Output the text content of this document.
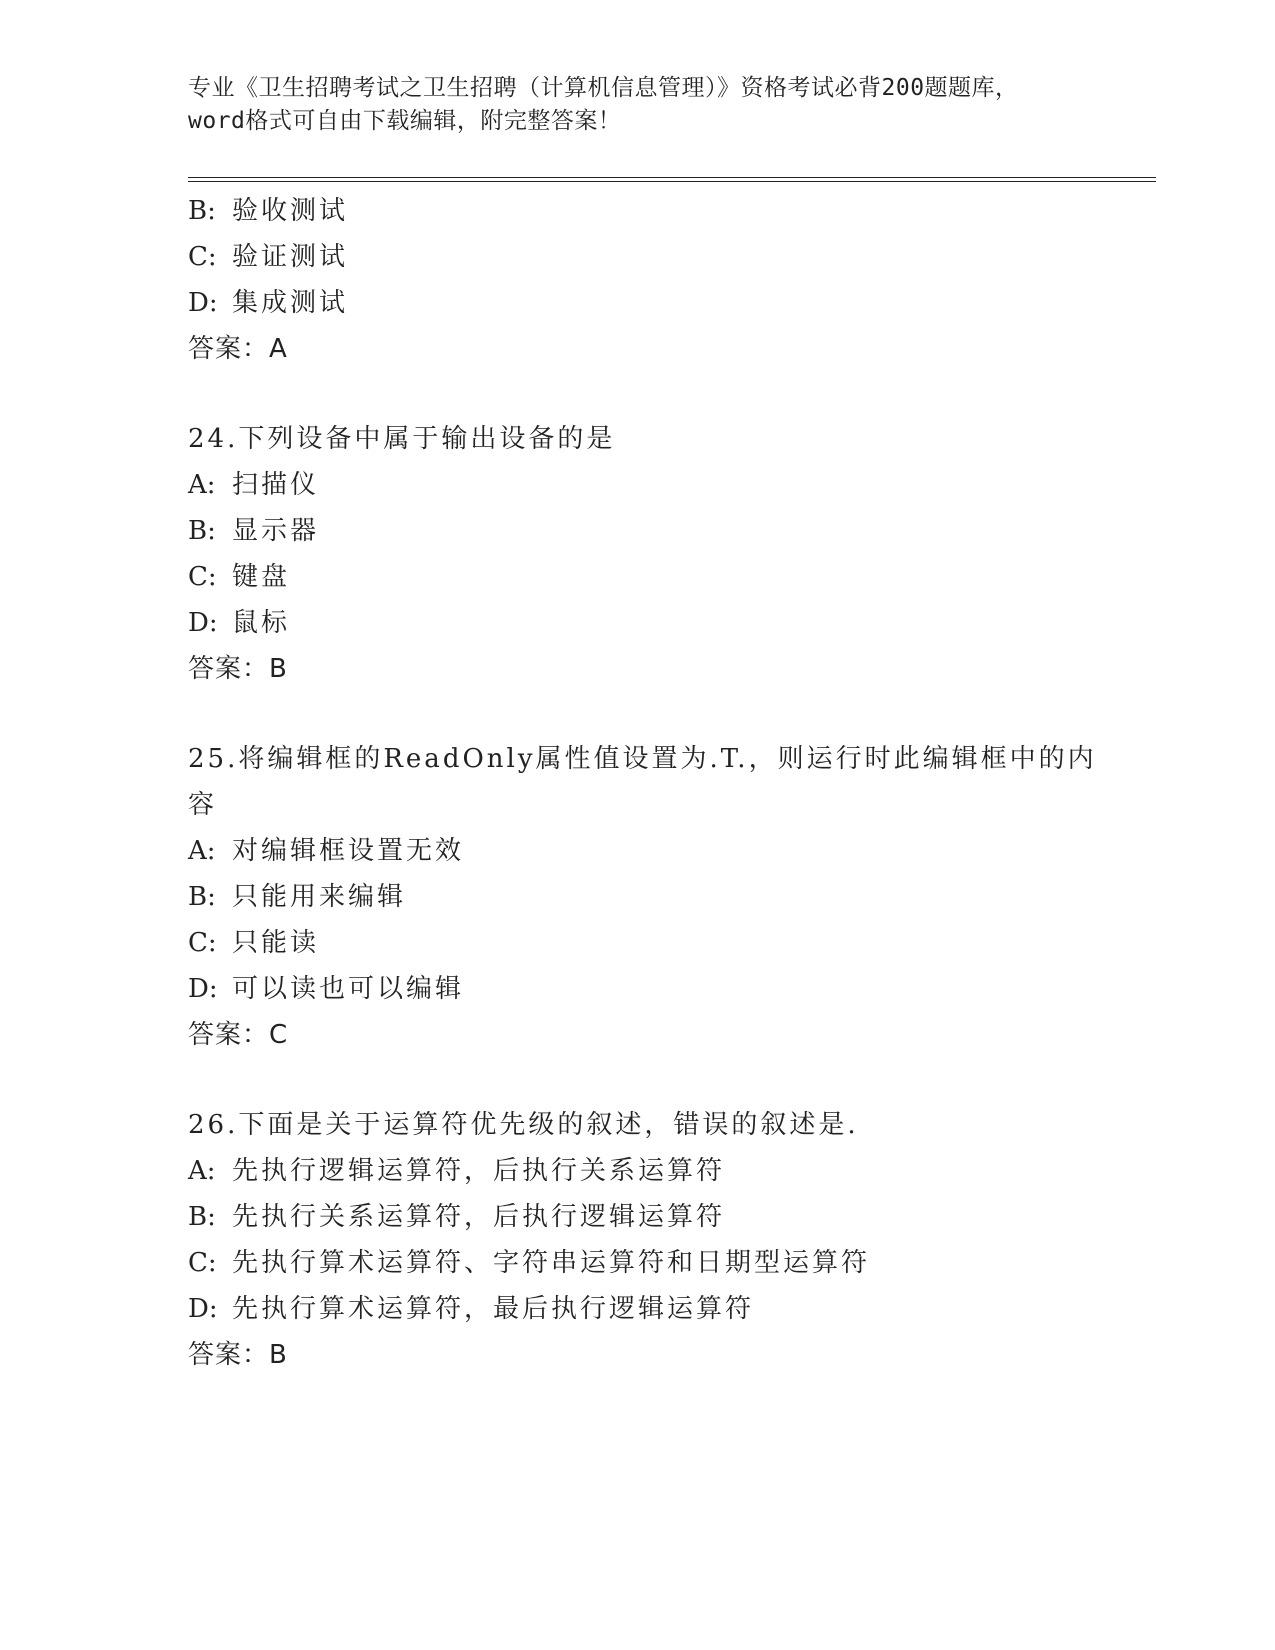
专业《卫生招聘考试之卫生招聘（计算机信息管理）》资格考试必背200题题库，
word格式可自由下载编辑，附完整答案！
B: 验收测试
C: 验证测试
D: 集成测试
答案：A
24.下列设备中属于输出设备的是
A: 扫描仪
B: 显示器
C: 键盘
D: 鼠标
答案：B
25.将编辑框的ReadOnly属性值设置为.T.，则运行时此编辑框中的内
容
A: 对编辑框设置无效
B: 只能用来编辑
C: 只能读
D: 可以读也可以编辑
答案：C
26.下面是关于运算符优先级的叙述，错误的叙述是.
A: 先执行逻辑运算符，后执行关系运算符
B: 先执行关系运算符，后执行逻辑运算符
C: 先执行算术运算符、字符串运算符和日期型运算符
D: 先执行算术运算符，最后执行逻辑运算符
答案：B
